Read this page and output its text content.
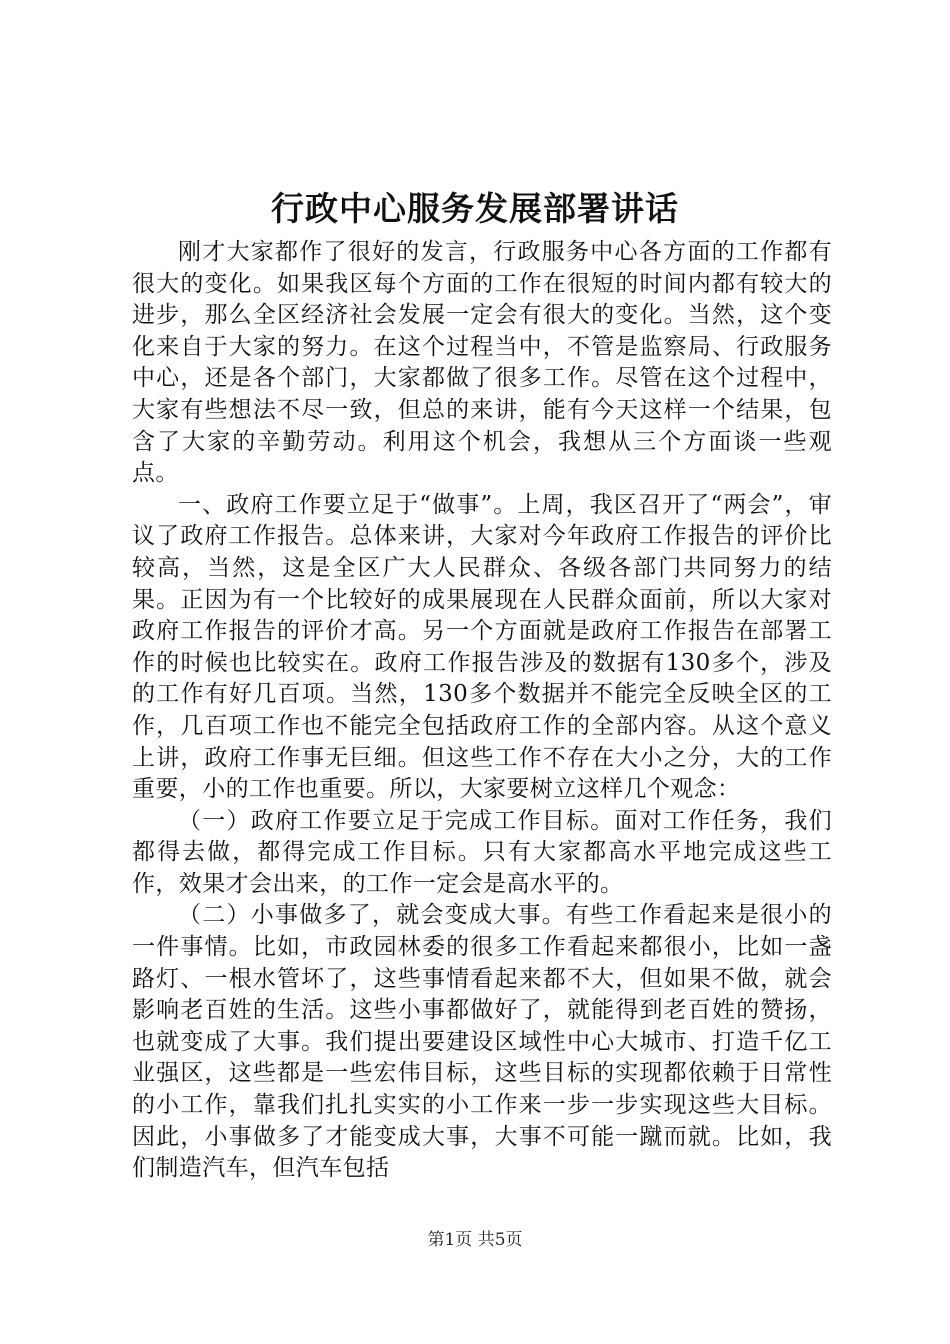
行政中心服务发展部署讲话

刚才大家都作了很好的发言，行政服务中心各方面的工作都有很大的变化。如果我区每个方面的工作在很短的时间内都有较大的进步，那么全区经济社会发展一定会有很大的变化。当然，这个变化来自于大家的努力。在这个过程当中，不管是监察局、行政服务中心，还是各个部门，大家都做了很多工作。尽管在这个过程中，大家有些想法不尽一致，但总的来讲，能有今天这样一个结果，包含了大家的辛勤劳动。利用这个机会，我想从三个方面谈一些观点。

一、政府工作要立足于“做事”。上周，我区召开了“两会”，审议了政府工作报告。总体来讲，大家对今年政府工作报告的评价比较高，当然，这是全区广大人民群众、各级各部门共同努力的结果。正因为有一个比较好的成果展现在人民群众面前，所以大家对政府工作报告的评价才高。另一个方面就是政府工作报告在部署工作的时候也比较实在。政府工作报告涉及的数据有130多个，涉及的工作有好几百项。当然，130多个数据并不能完全反映全区的工作，几百项工作也不能完全包括政府工作的全部内容。从这个意义上讲，政府工作事无巨细。但这些工作不存在大小之分，大的工作重要，小的工作也重要。所以，大家要树立这样几个观念：

（一）政府工作要立足于完成工作目标。面对工作任务，我们都得去做，都得完成工作目标。只有大家都高水平地完成这些工作，效果才会出来，的工作一定会是高水平的。

（二）小事做多了，就会变成大事。有些工作看起来是很小的一件事情。比如，市政园林委的很多工作看起来都很小，比如一盏路灯、一根水管坏了，这些事情看起来都不大，但如果不做，就会影响老百姓的生活。这些小事都做好了，就能得到老百姓的赞扬，也就变成了大事。我们提出要建设区域性中心大城市、打造千亿工业强区，这些都是一些宏伟目标，这些目标的实现都依赖于日常性的小工作，靠我们扎扎实实的小工作来一步一步实现这些大目标。因此，小事做多了才能变成大事，大事不可能一蹴而就。比如，我们制造汽车，但汽车包括

第1页 共5页
